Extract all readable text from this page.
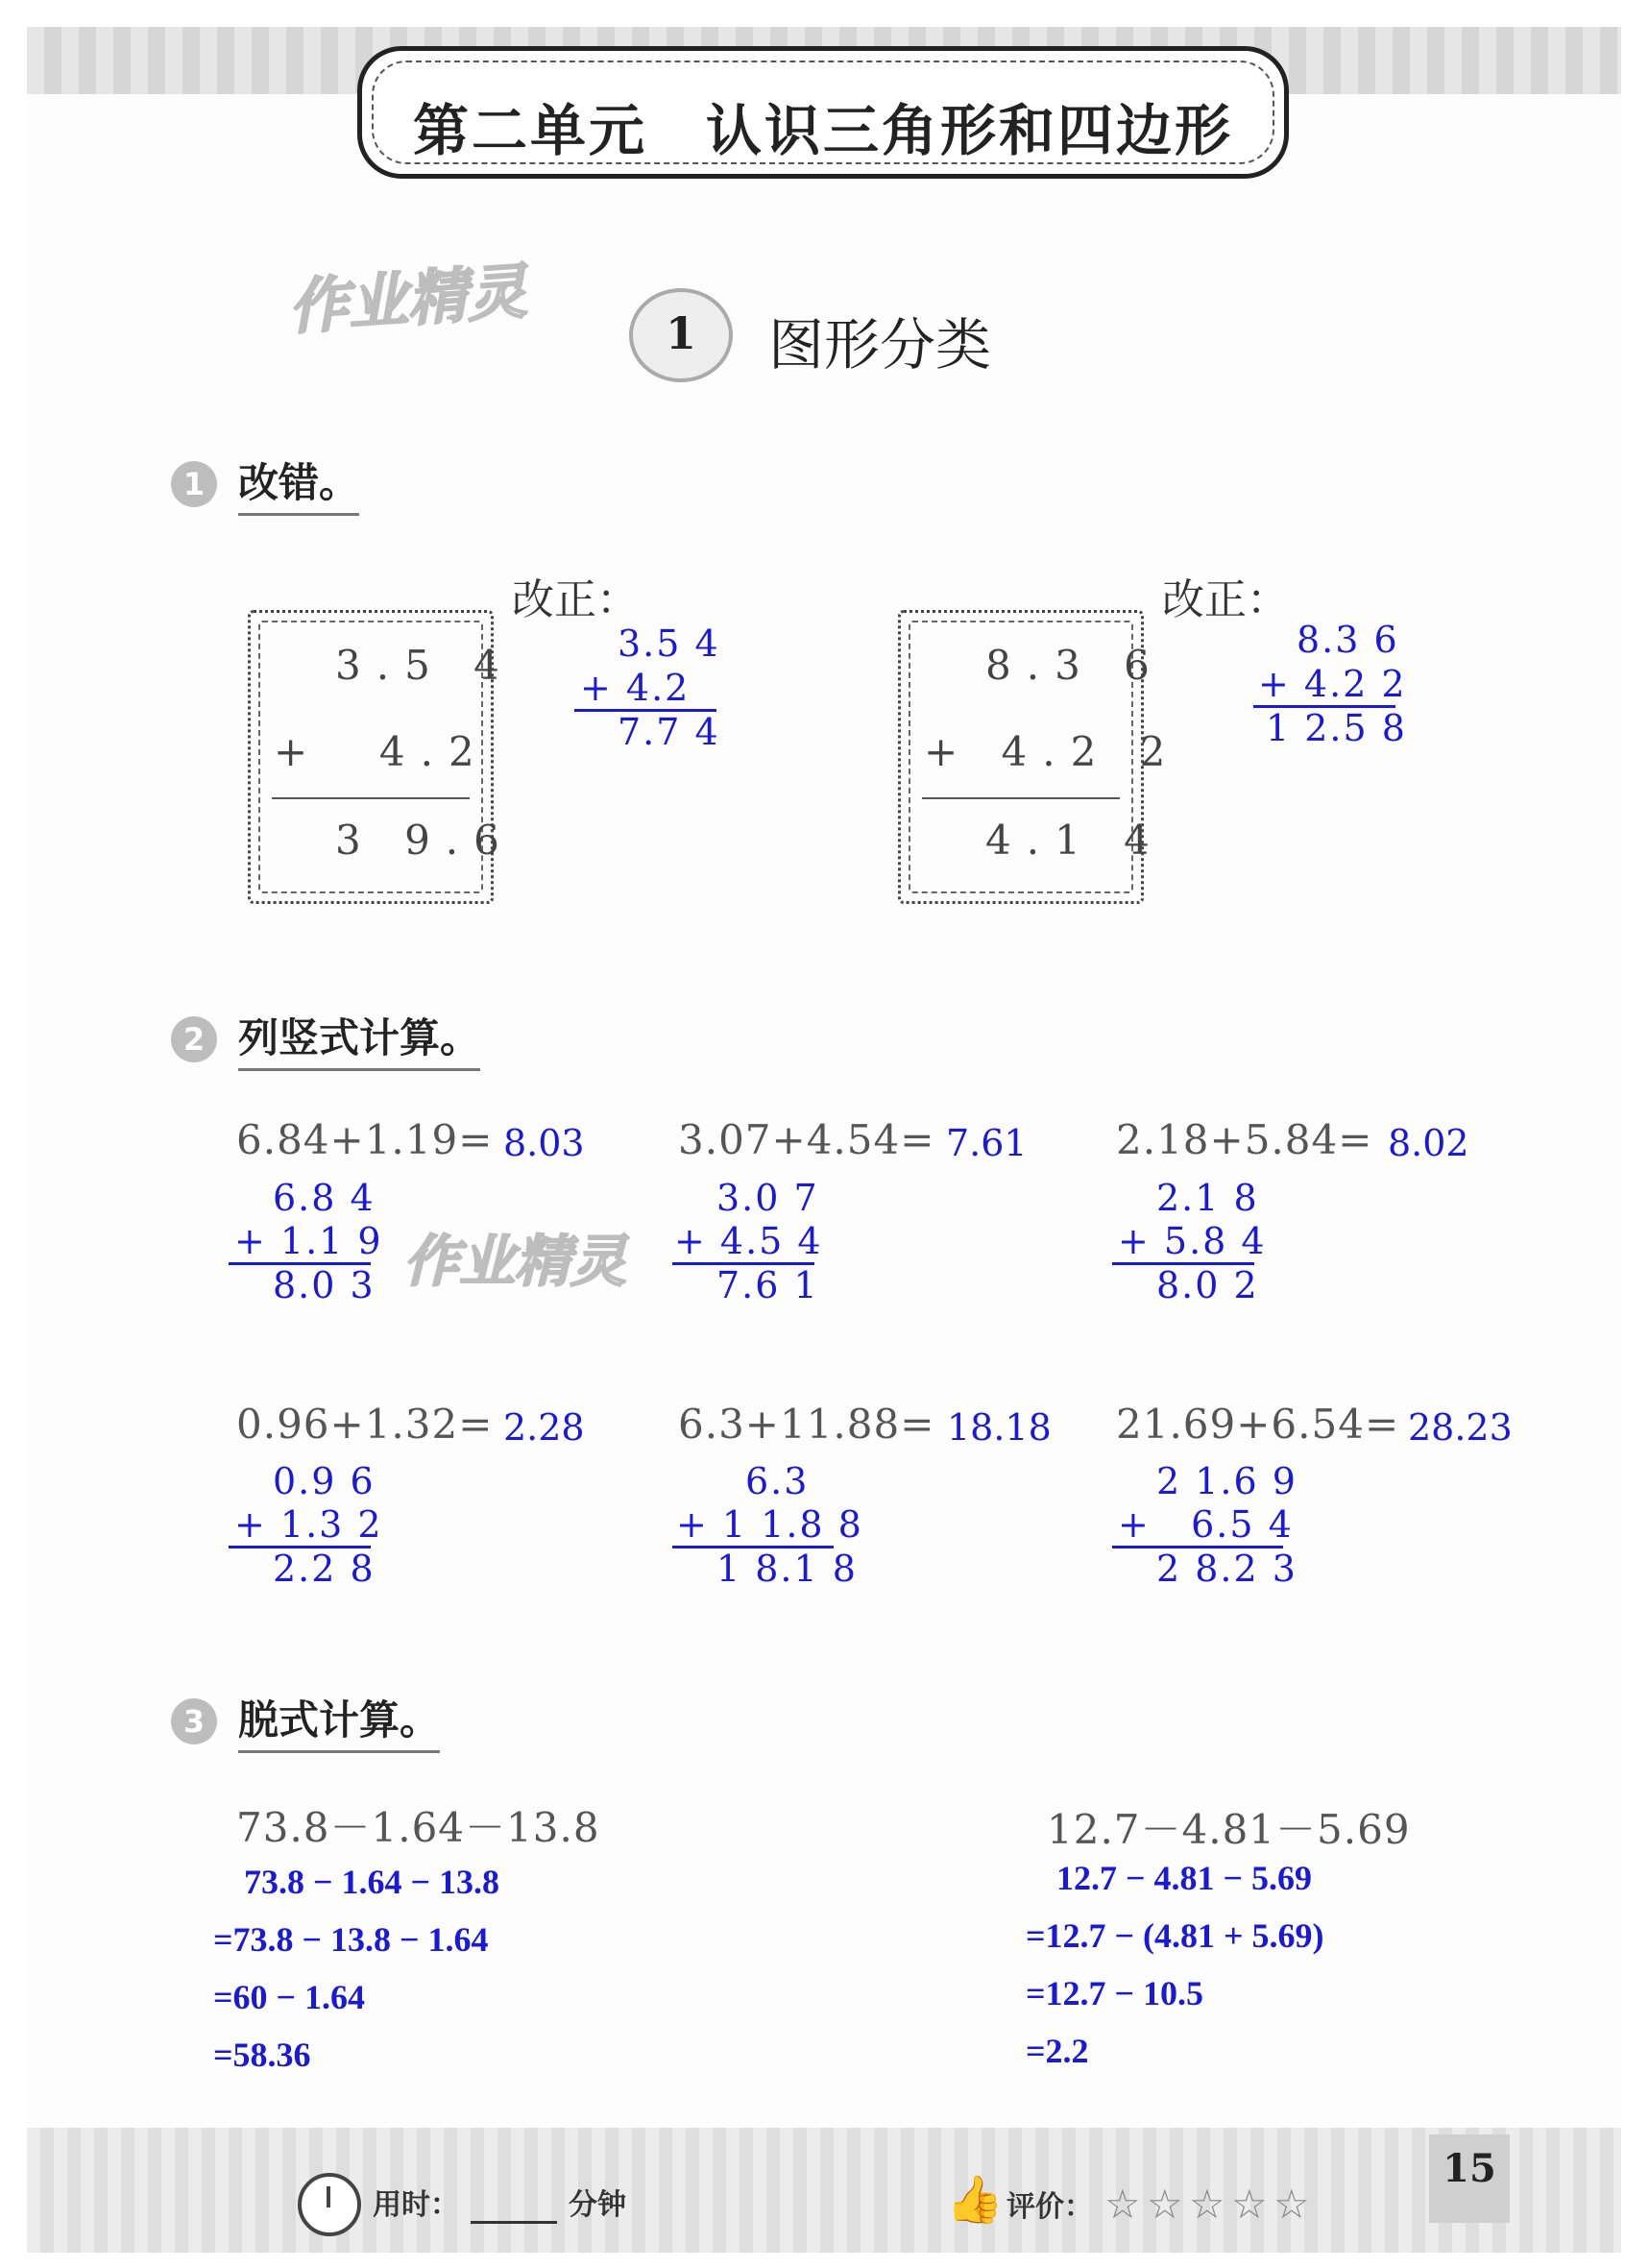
第二单元　认识三角形和四边形
作业精灵	1	图形分类
1 改错。
改正：
3.5 4
+  4.2
3 9.6
3.5 4
+ 4.2
7.7 4
改正：
8.3 6
+ 4.2 2
4.1 4
8.3 6
+ 4.2 2
1 2.5 8
2 列竖式计算。
作业精灵
6.84+1.19= 8.03
6.8 4
+ 1.1 9
8.0 3
3.07+4.54= 7.61
3.0 7
+ 4.5 4
7.6 1
2.18+5.84= 8.02
2.1 8
+ 5.8 4
8.0 2
0.96+1.32= 2.28
0.9 6
+ 1.3 2
2.2 8
6.3+11.88= 18.18
6.3
+ 1 1.8 8
1 8.1 8
21.69+6.54= 28.23
2 1.6 9
+   6.5 4
2 8.2 3
3 脱式计算。
73.8－1.64－13.8
73.8 − 1.64 − 13.8
=73.8 − 13.8 − 1.64
=60 − 1.64
=58.36
12.7－4.81－5.69
12.7 − 4.81 − 5.69
=12.7 − (4.81 + 5.69)
=12.7 − 10.5
=2.2
用时：	分钟	👍 评价： ☆ ☆ ☆ ☆ ☆
15
